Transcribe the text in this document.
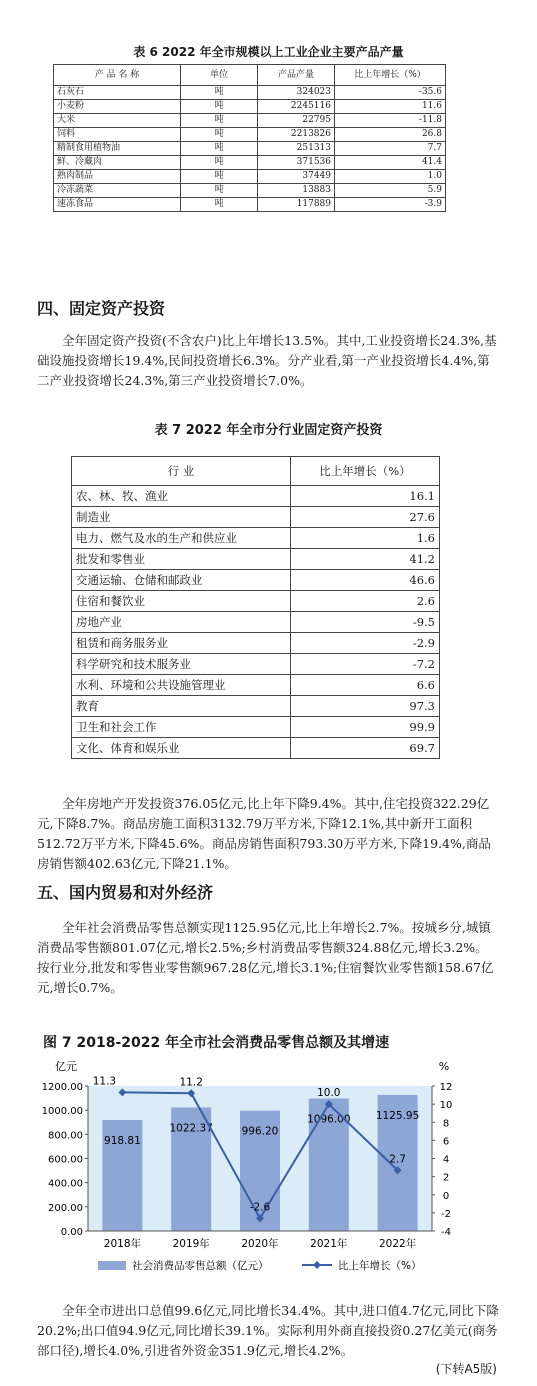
表 6 2022 年全市规模以上工业企业主要产品产量
产 品 名 称	单位	产品产量	比上年增长（%）
石灰石	吨	324023	-35.6
小麦粉	吨	2245116	11.6
大米	吨	22795	-11.8
饲料	吨	2213826	26.8
精制食用植物油	吨	251313	7.7
鲜、冷藏肉	吨	371536	41.4
熟肉制品	吨	37449	1.0
冷冻蔬菜	吨	13883	5.9
速冻食品	吨	117889	-3.9
四、固定资产投资

全年固定资产投资(不含农户)比上年增长13.5%。其中,工业投资增长24.3%,基础设施投资增长19.4%,民间投资增长6.3%。分产业看,第一产业投资增长4.4%,第二产业投资增长24.3%,第三产业投资增长7.0%。

表 7 2022 年全市分行业固定资产投资
行 业	比上年增长（%）
农、林、牧、渔业	16.1
制造业	27.6
电力、燃气及水的生产和供应业	1.6
批发和零售业	41.2
交通运输、仓储和邮政业	46.6
住宿和餐饮业	2.6
房地产业	-9.5
租赁和商务服务业	-2.9
科学研究和技术服务业	-7.2
水利、环境和公共设施管理业	6.6
教育	97.3
卫生和社会工作	99.9
文化、体育和娱乐业	69.7

全年房地产开发投资376.05亿元,比上年下降9.4%。其中,住宅投资322.29亿元,下降8.7%。商品房施工面积3132.79万平方米,下降12.1%,其中新开工面积512.72万平方米,下降45.6%。商品房销售面积793.30万平方米,下降19.4%,商品房销售额402.63亿元,下降21.1%。

五、国内贸易和对外经济

全年社会消费品零售总额实现1125.95亿元,比上年增长2.7%。按城乡分,城镇消费品零售额801.07亿元,增长2.5%;乡村消费品零售额324.88亿元,增长3.2%。按行业分,批发和零售业零售额967.28亿元,增长3.1%;住宿餐饮业零售额158.67亿元,增长0.7%。

图 7 2018-2022 年全市社会消费品零售总额及其增速
亿元	%
0.00
200.00
400.00
600.00
800.00
1000.00
1200.00
-4
-2
0
2
4
6
8
10
12
2018年	2019年	2020年	2021年	2022年
918.81
1022.37	996.20
1096.00 1125.95
11.3	11.2
-2.6
10.0
2.7
社会消费品零售总额（亿元）	比上年增长（%）

全年全市进出口总值99.6亿元,同比增长34.4%。其中,进口值4.7亿元,同比下降20.2%;出口值94.9亿元,同比增长39.1%。实际利用外商直接投资0.27亿美元(商务部口径),增长4.0%,引进省外资金351.9亿元,增长4.2%。

(下转A5版)
